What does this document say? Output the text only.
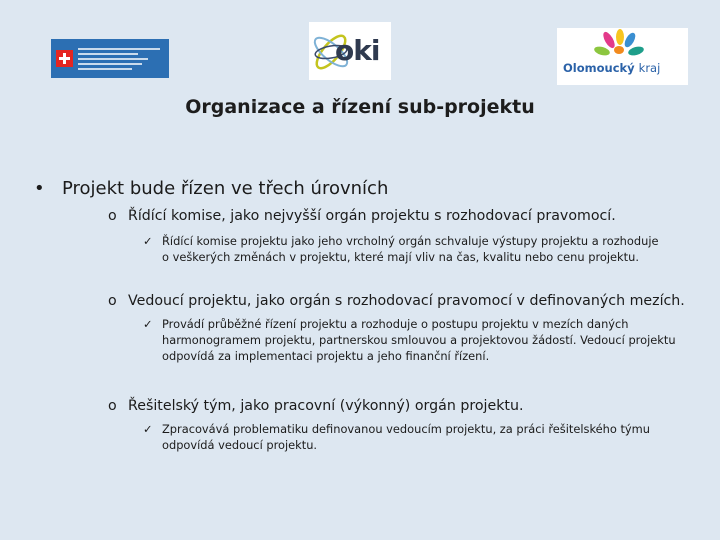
oki
Olomoucký kraj
Organizace a řízení sub-projektu
• Projekt bude řízen ve třech úrovních
o Řídící komise, jako nejvyšší orgán projektu s rozhodovací pravomocí.
✓ Řídící komise projektu jako jeho vrcholný orgán schvaluje výstupy projektu a rozhoduje
o veškerých změnách v projektu, které mají vliv na čas, kvalitu nebo cenu projektu.
o Vedoucí projektu, jako orgán s rozhodovací pravomocí v definovaných mezích.
✓ Provádí průběžné řízení projektu a rozhoduje o postupu projektu v mezích daných
harmonogramem projektu, partnerskou smlouvou a projektovou žádostí. Vedoucí projektu
odpovídá za implementaci projektu a jeho finanční řízení.
o Řešitelský tým, jako pracovní (výkonný) orgán projektu.
✓ Zpracovává problematiku definovanou vedoucím projektu, za práci řešitelského týmu
odpovídá vedoucí projektu.
